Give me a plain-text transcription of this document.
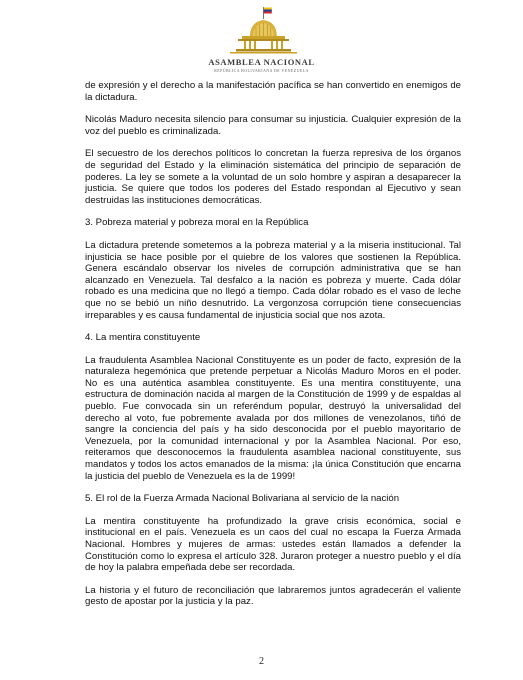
ASAMBLEA NACIONAL
REPÚBLICA BOLIVARIANA DE VENEZUELA

de expresión y el derecho a la manifestación pacífica se han convertido en enemigos de la dictadura.

Nicolás Maduro necesita silencio para consumar su injusticia. Cualquier expresión de la voz del pueblo es criminalizada.

El secuestro de los derechos políticos lo concretan la fuerza represiva de los órganos de seguridad del Estado y la eliminación sistemática del principio de separación de poderes. La ley se somete a la voluntad de un solo hombre y aspiran a desaparecer la justicia. Se quiere que todos los poderes del Estado respondan al Ejecutivo y sean destruidas las instituciones democráticas.

3. Pobreza material y pobreza moral en la República

La dictadura pretende sometemos a la pobreza material y a la miseria institucional. Tal injusticia se hace posible por el quiebre de los valores que sostienen la República. Genera escándalo observar los niveles de corrupción administrativa que se han alcanzado en Venezuela. Tal desfalco a la nación es pobreza y muerte. Cada dólar robado es una medicina que no llegó a tiempo. Cada dólar robado es el vaso de leche que no se bebió un niño desnutrido. La vergonzosa corrupción tiene consecuencias irreparables y es causa fundamental de injusticia social que nos azota.

4. La mentira constituyente

La fraudulenta Asamblea Nacional Constituyente es un poder de facto, expresión de la naturaleza hegemónica que pretende perpetuar a Nicolás Maduro Moros en el poder. No es una auténtica asamblea constituyente. Es una mentira constituyente, una estructura de dominación nacida al margen de la Constitución de 1999 y de espaldas al pueblo. Fue convocada sin un referéndum popular, destruyó la universalidad del derecho al voto, fue pobremente avalada por dos millones de venezolanos, tiñó de sangre la conciencia del país y ha sido desconocida por el pueblo mayoritario de Venezuela, por la comunidad internacional y por la Asamblea Nacional. Por eso, reiteramos que desconocemos la fraudulenta asamblea nacional constituyente, sus mandatos y todos los actos emanados de la misma: ¡la única Constitución que encarna la justicia del pueblo de Venezuela es la de 1999!

5. El rol de la Fuerza Armada Nacional Bolivariana al servicio de la nación

La mentira constituyente ha profundizado la grave crisis económica, social e institucional en el país. Venezuela es un caos del cual no escapa la Fuerza Armada Nacional. Hombres y mujeres de armas: ustedes están llamados a defender la Constitución como lo expresa el artículo 328. Juraron proteger a nuestro pueblo y el día de hoy la palabra empeñada debe ser recordada.

La historia y el futuro de reconciliación que labraremos juntos agradecerán el valiente gesto de apostar por la justicia y la paz.

2
